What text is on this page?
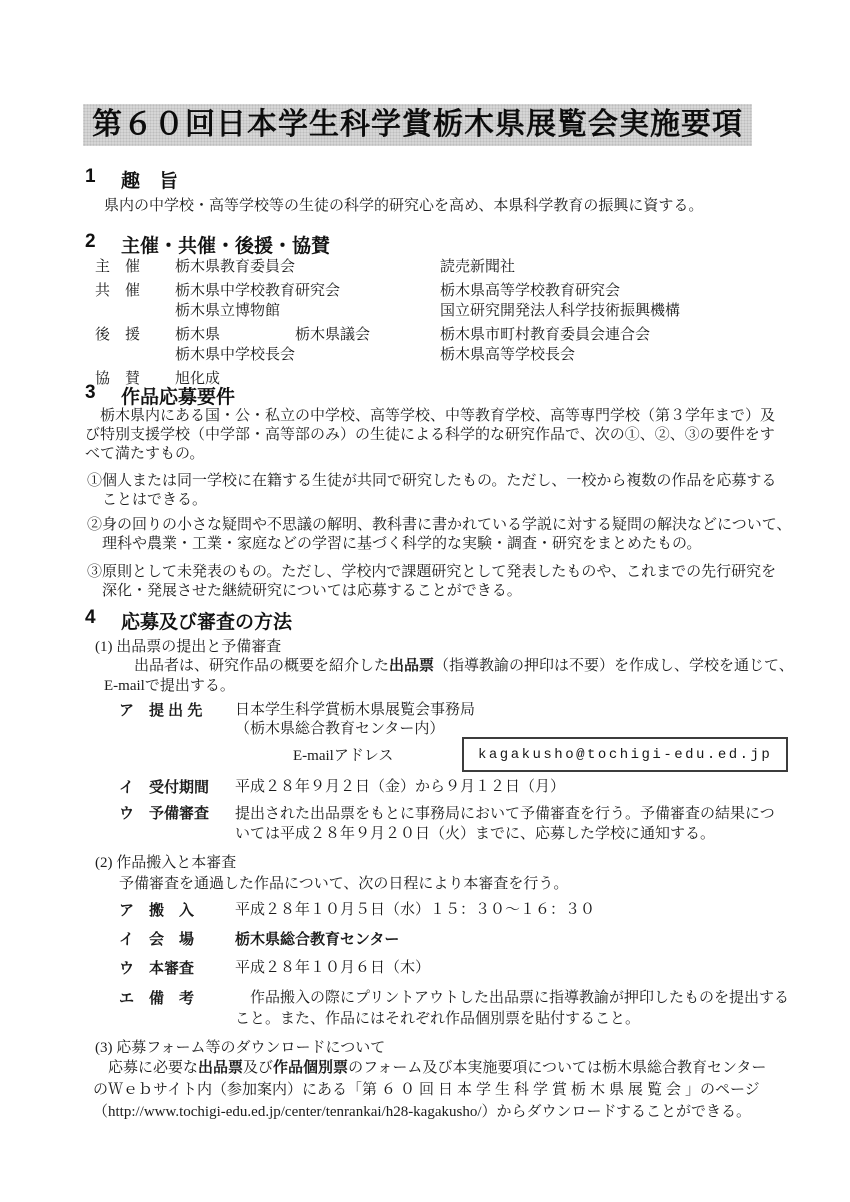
第６０回日本学生科学賞栃木県展覧会実施要項
1	趣　旨
県内の中学校・高等学校等の生徒の科学的研究心を高め、本県科学教育の振興に資する。
2	主催・共催・後援・協賛
主　催	栃木県教育委員会	読売新聞社
共　催	栃木県中学校教育研究会	栃木県高等学校教育研究会
栃木県立博物館	国立研究開発法人科学技術振興機構
後　援	栃木県　　　　　栃木県議会	栃木県市町村教育委員会連合会
栃木県中学校長会	栃木県高等学校長会
協　賛	旭化成
3	作品応募要件
　栃木県内にある国・公・私立の中学校、高等学校、中等教育学校、高等専門学校（第３学年まで）及
び特別支援学校（中学部・高等部のみ）の生徒による科学的な研究作品で、次の①、②、③の要件をす
べて満たすもの。
①個人または同一学校に在籍する生徒が共同で研究したもの。ただし、一校から複数の作品を応募する
　ことはできる。
②身の回りの小さな疑問や不思議の解明、教科書に書かれている学説に対する疑問の解決などについて、
　理科や農業・工業・家庭などの学習に基づく科学的な実験・調査・研究をまとめたもの。
③原則として未発表のもの。ただし、学校内で課題研究として発表したものや、これまでの先行研究を
　深化・発展させた継続研究については応募することができる。
4	応募及び審査の方法
(1) 出品票の提出と予備審査
　　出品者は、研究作品の概要を紹介した出品票（指導教諭の押印は不要）を作成し、学校を通じて、
E-mailで提出する。
ア　提 出 先	日本学生科学賞栃木県展覧会事務局
（栃木県総合教育センター内）
E-mailアドレス	kagakusho@tochigi-edu.ed.jp
イ　受付期間	平成２８年９月２日（金）から９月１２日（月）
ウ　予備審査	提出された出品票をもとに事務局において予備審査を行う。予備審査の結果につ
いては平成２８年９月２０日（火）までに、応募した学校に通知する。
(2) 作品搬入と本審査
予備審査を通過した作品について、次の日程により本審査を行う。
ア　搬　入	平成２８年１０月５日（水）１５：３０～１６：３０
イ　会　場	栃木県総合教育センター
ウ　本審査	平成２８年１０月６日（木）
エ　備　考	　作品搬入の際にプリントアウトした出品票に指導教諭が押印したものを提出する
こと。また、作品にはそれぞれ作品個別票を貼付すること。
(3) 応募フォーム等のダウンロードについて
　応募に必要な出品票及び作品個別票のフォーム及び本実施要項については栃木県総合教育センター
のＷｅｂサイト内（参加案内）にある「第６０回日本学生科学賞栃木県展覧会」のページ
（http://www.tochigi-edu.ed.jp/center/tenrankai/h28-kagakusho/）からダウンロードすることができる。
